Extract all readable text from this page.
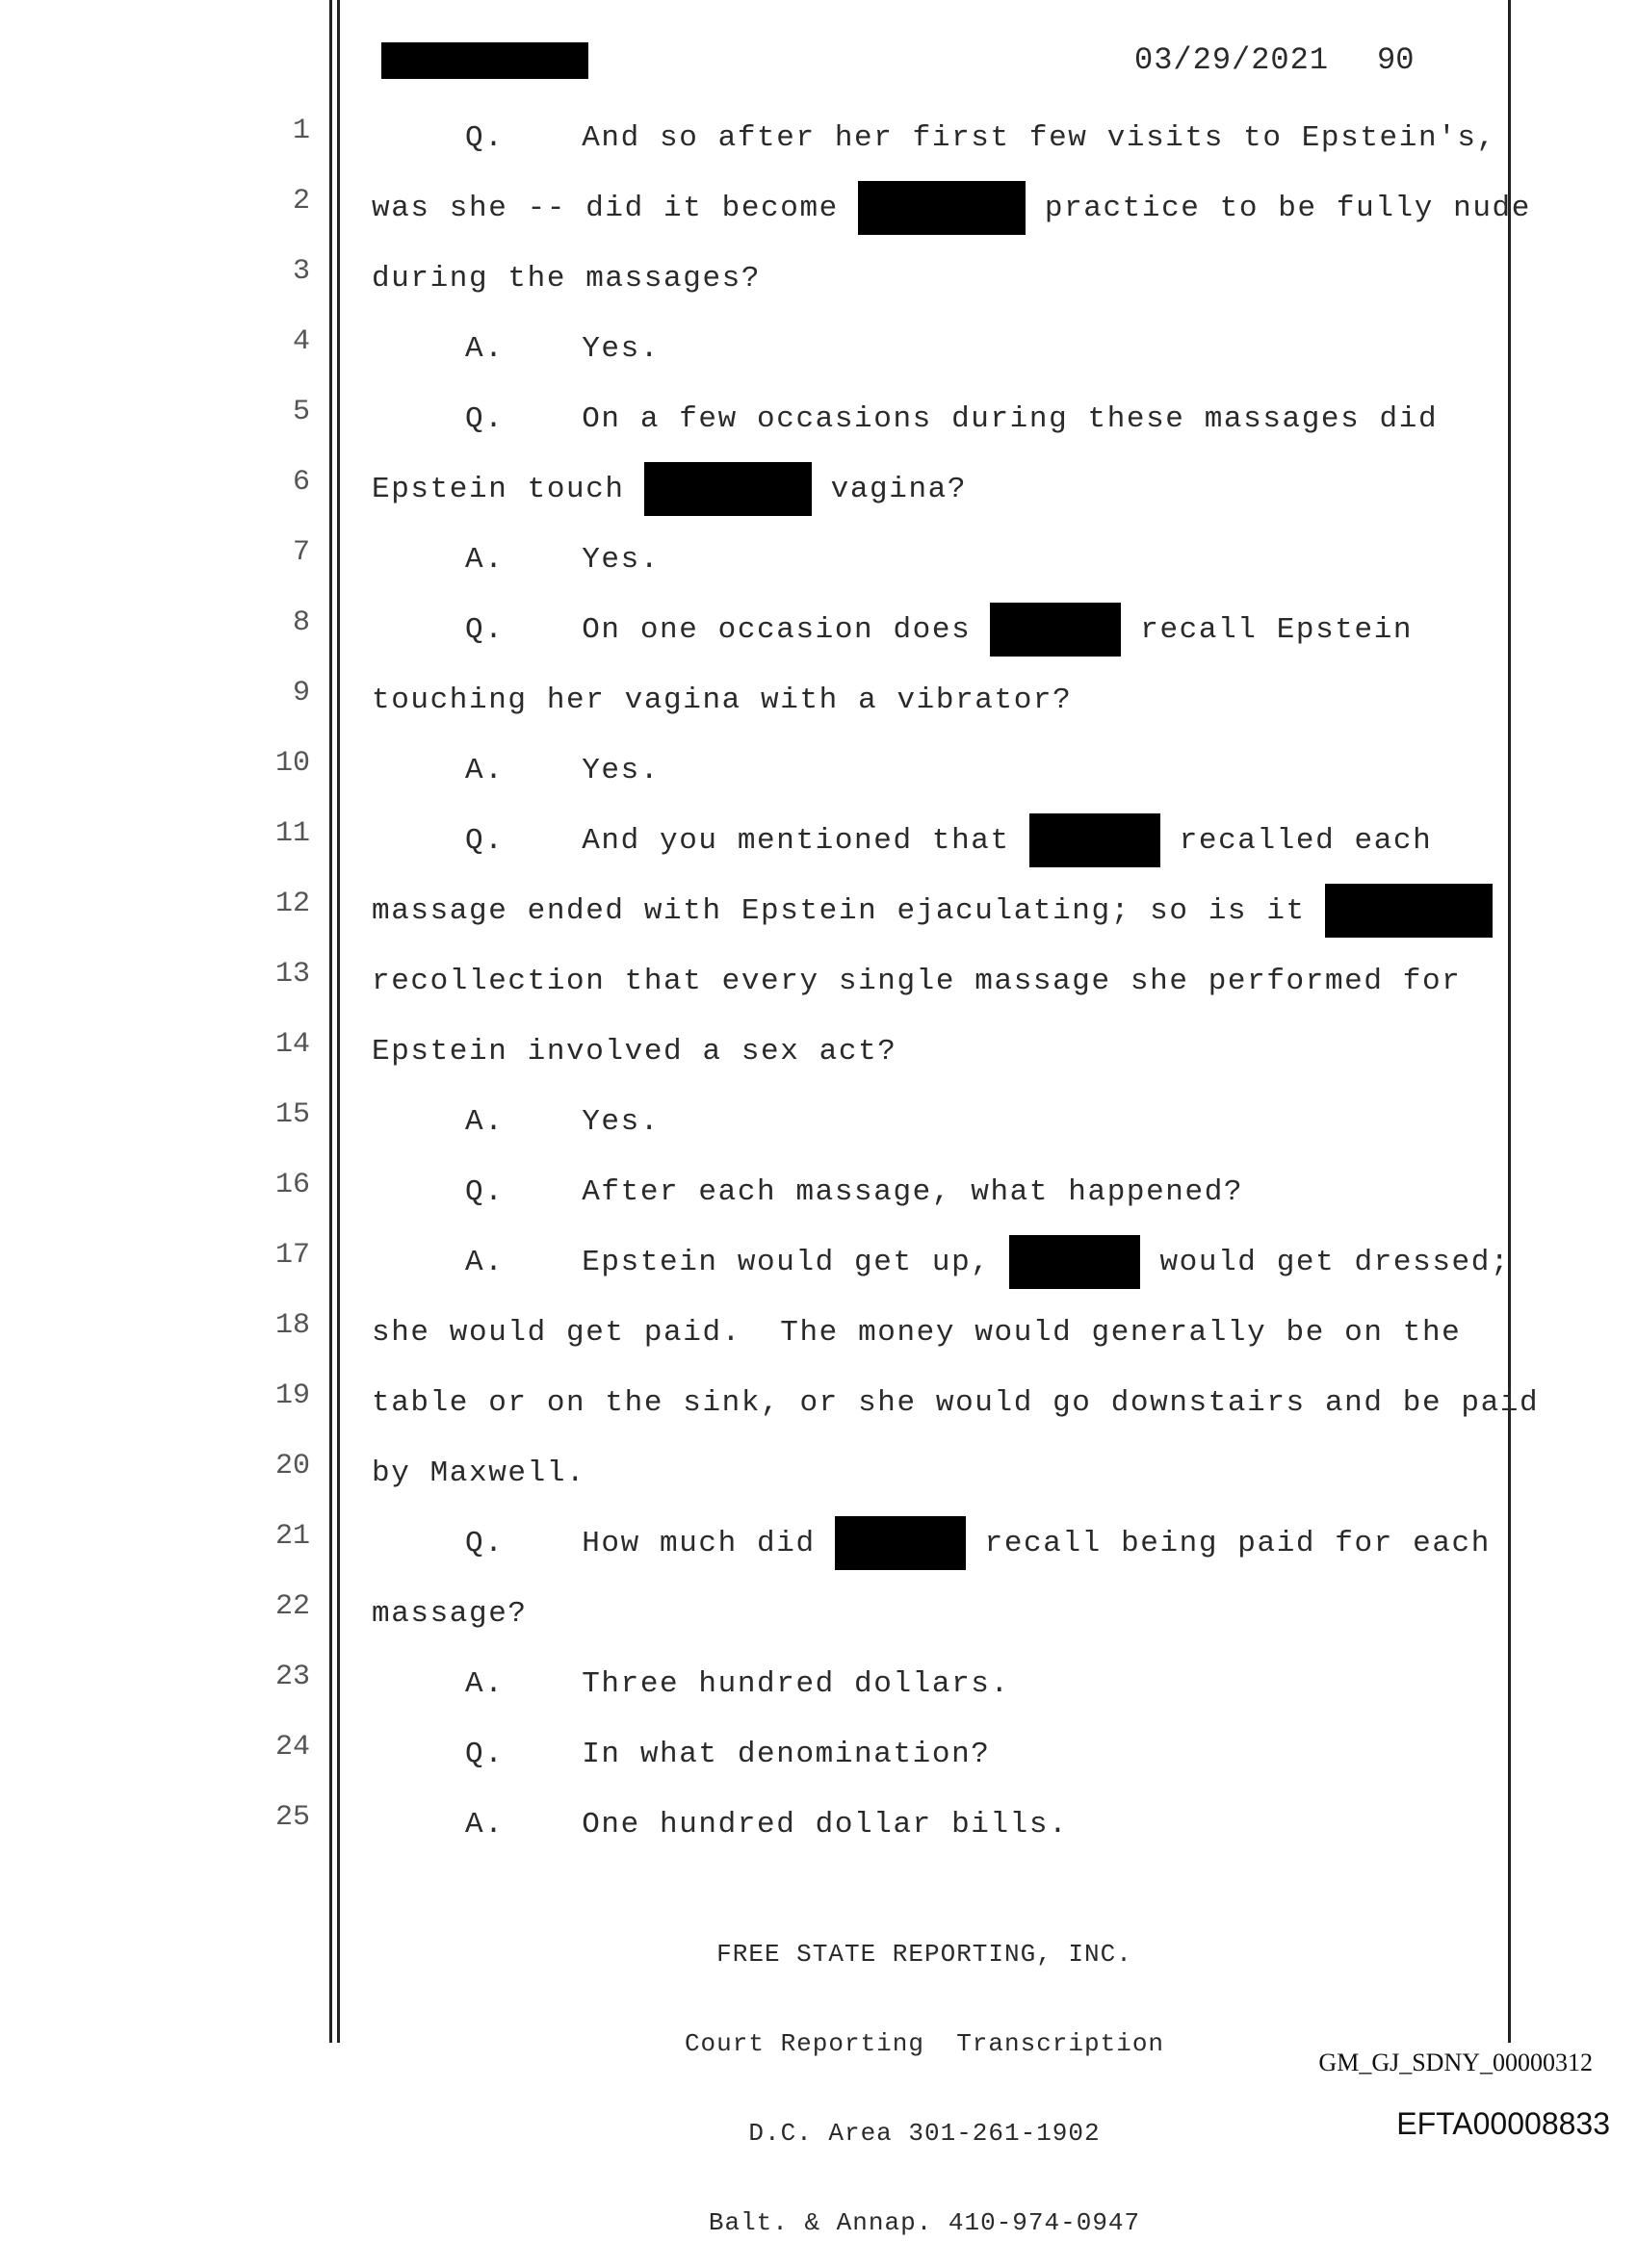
03/29/2021 90
1	Q.    And so after her first few visits to Epstein's,
2 was she -- did it become	practice to be fully nude
3 during the massages?
4	A.    Yes.
5	Q.    On a few occasions during these massages did
6 Epstein touch	vagina?
7	A.    Yes.
8	Q.    On one occasion does	recall Epstein
9 touching her vagina with a vibrator?
10	A.    Yes.
11	Q.    And you mentioned that	recalled each
12 massage ended with Epstein ejaculating; so is it
13 recollection that every single massage she performed for
14 Epstein involved a sex act?
15	A.    Yes.
16	Q.    After each massage, what happened?
17	A.    Epstein would get up,	would get dressed;
18 she would get paid.  The money would generally be on the
19 table or on the sink, or she would go downstairs and be paid
20 by Maxwell.
21	Q.    How much did	recall being paid for each
22 massage?
23	A.    Three hundred dollars.
24	Q.    In what denomination?
25	A.    One hundred dollar bills.

FREE STATE REPORTING, INC.

Court Reporting  Transcription

D.C. Area 301-261-1902

Balt. & Annap. 410-974-0947

GM_GJ_SDNY_00000312
EFTA00008833
